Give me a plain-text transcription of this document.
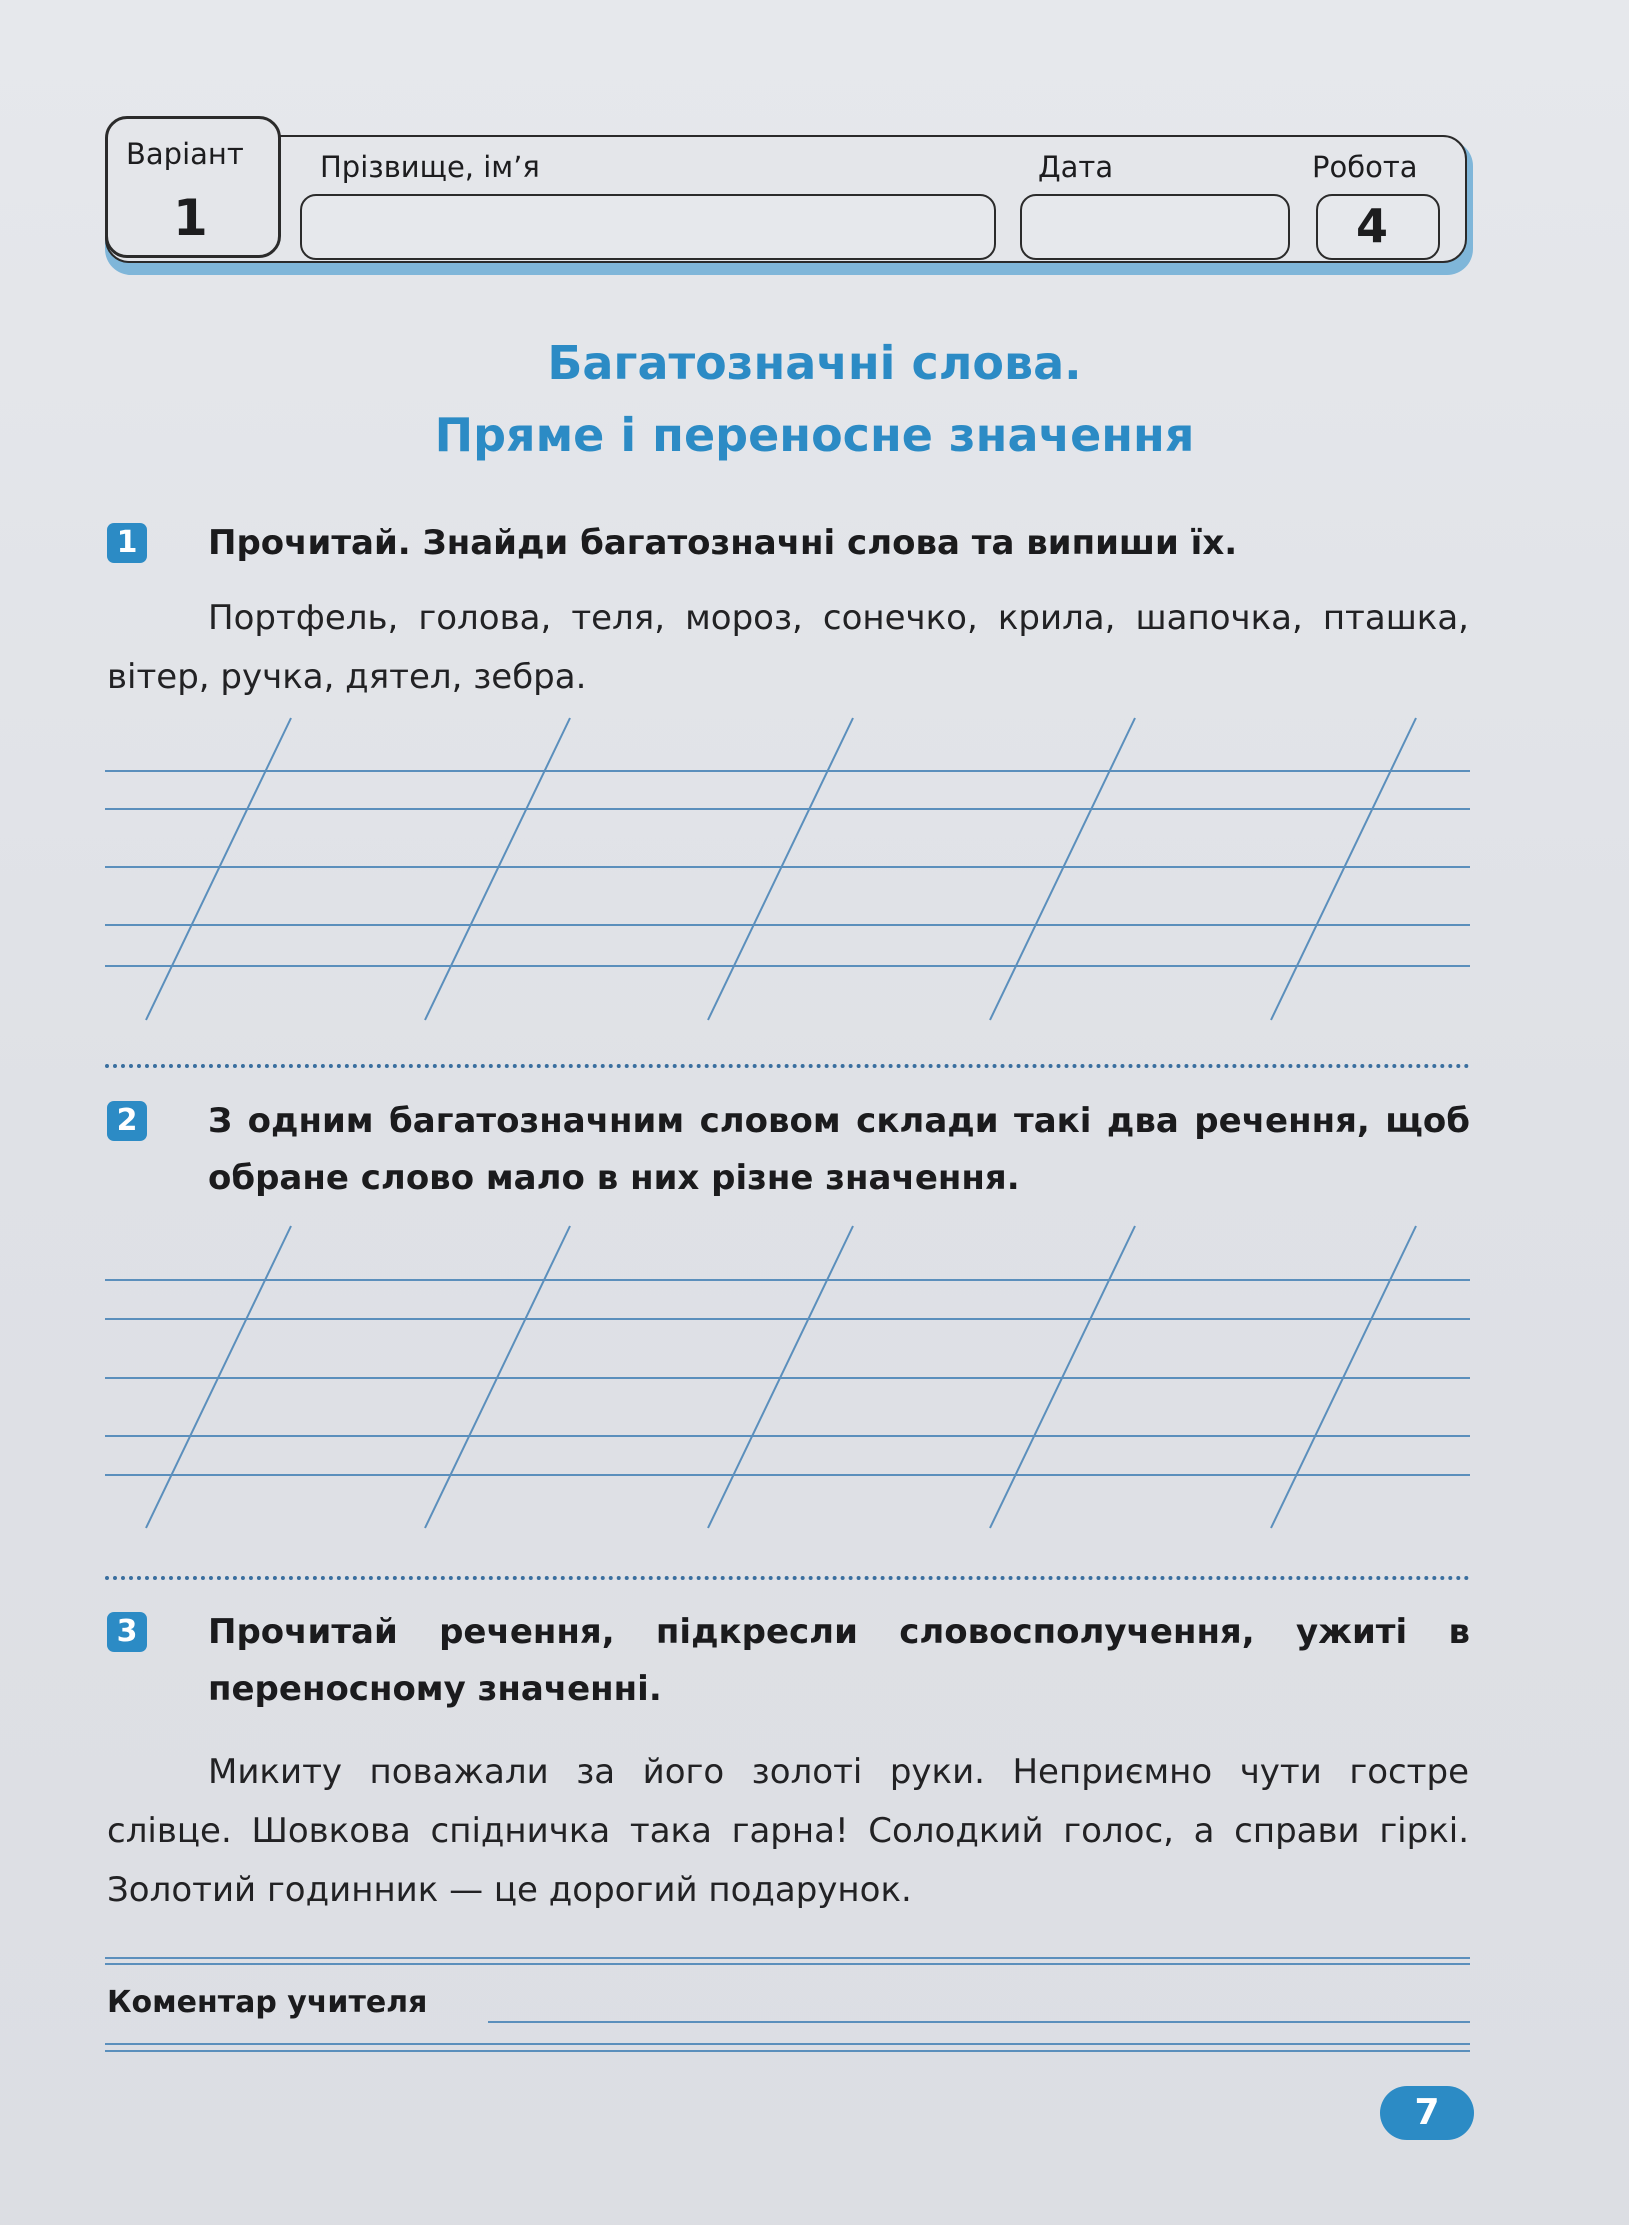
Варіант
1
Прізвище, ім’я	Дата	Робота
4
Багатозначні слова.
Пряме і переносне значення
1 Прочитай. Знайди багатозначні слова та випиши їх.
Портфель, голова, теля, мороз, сонечко, крила, шапочка, пташка, вітер, ручка, дятел, зебра.
2 З одним багатозначним словом склади такі два речення, щоб обране слово мало в них різне значення.
3 Прочитай речення, підкресли словосполучення, ужиті в переносному значенні.
Микиту поважали за його золоті руки. Неприємно чути гостре слівце. Шовкова спідничка така гарна! Солодкий голос, а справи гіркі. Золотий годинник — це дорогий подарунок.
Коментар учителя
7
